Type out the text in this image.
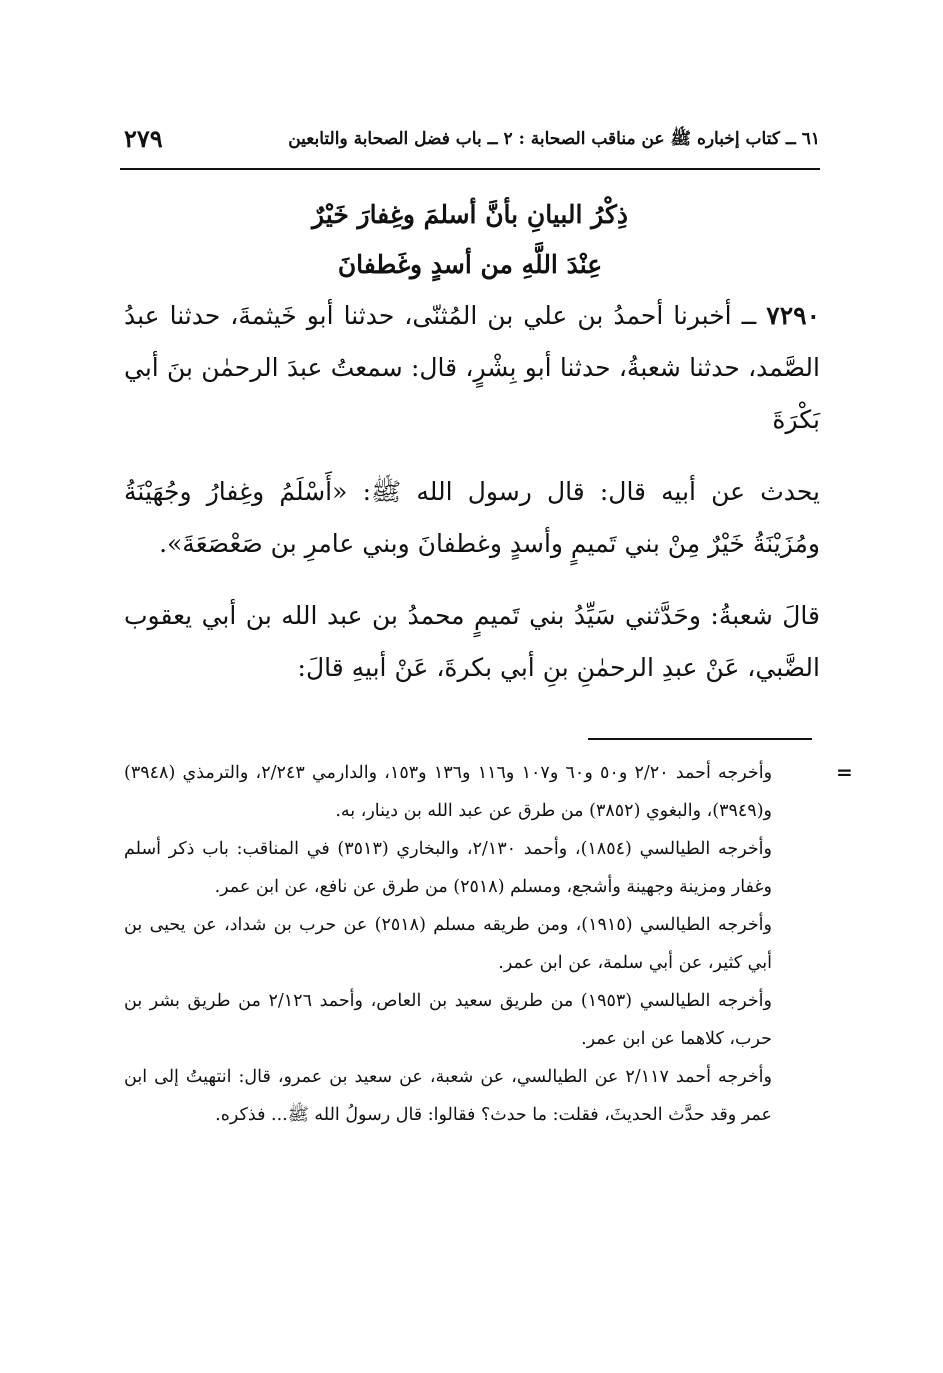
٦١ ــ كتاب إخباره ﷺ عن مناقب الصحابة : ٢ ــ باب فضل الصحابة والتابعين
٢٧٩
ذِكْرُ البيانِ بأنَّ أسلمَ وغِفارَ خَيْرٌ
عِنْدَ اللَّهِ من أسدٍ وغَطفانَ

٧٢٩٠ ــ أخبرنا أحمدُ بن علي بن المُثنّى، حدثنا أبو خَيثمةَ، حدثنا عبدُ الصَّمد، حدثنا شعبةُ، حدثنا أبو بِشْرٍ، قال: سمعتُ عبدَ الرحمٰن بنَ أبي بَكْرَةَ

يحدث عن أبيه قال: قال رسول الله ﷺ: «أَسْلَمُ وغِفارُ وجُهَيْنَةُ ومُزَيْنَةُ خَيْرٌ مِنْ بني تَميمٍ وأسدٍ وغطفانَ وبني عامرِ بن صَعْصَعَةَ».

قالَ شعبةُ: وحَدَّثني سَيِّدُ بني تَميمٍ محمدُ بن عبد الله بن أبي يعقوب الضَّبي، عَنْ عبدِ الرحمٰنِ بنِ أبي بكرةَ، عَنْ أبيهِ قالَ:

=

وأخرجه أحمد ٢/٢٠ و٥٠ و٦٠ و١٠٧ و١١٦ و١٣٦ و١٥٣، والدارمي ٢/٢٤٣، والترمذي (٣٩٤٨) و(٣٩٤٩)، والبغوي (٣٨٥٢) من طرق عن عبد الله بن دينار، به.

وأخرجه الطيالسي (١٨٥٤)، وأحمد ٢/١٣٠، والبخاري (٣٥١٣) في المناقب: باب ذكر أسلم وغفار ومزينة وجهينة وأشجع، ومسلم (٢٥١٨) من طرق عن نافع، عن ابن عمر.

وأخرجه الطيالسي (١٩١٥)، ومن طريقه مسلم (٢٥١٨) عن حرب بن شداد، عن يحيى بن أبي كثير، عن أبي سلمة، عن ابن عمر.

وأخرجه الطيالسي (١٩٥٣) من طريق سعيد بن العاص، وأحمد ٢/١٢٦ من طريق بشر بن حرب، كلاهما عن ابن عمر.

وأخرجه أحمد ٢/١١٧ عن الطيالسي، عن شعبة، عن سعيد بن عمرو، قال: انتهيتُ إلى ابن عمر وقد حدَّث الحديثَ، فقلت: ما حدث؟ فقالوا: قال رسولُ الله ﷺ... فذكره.
